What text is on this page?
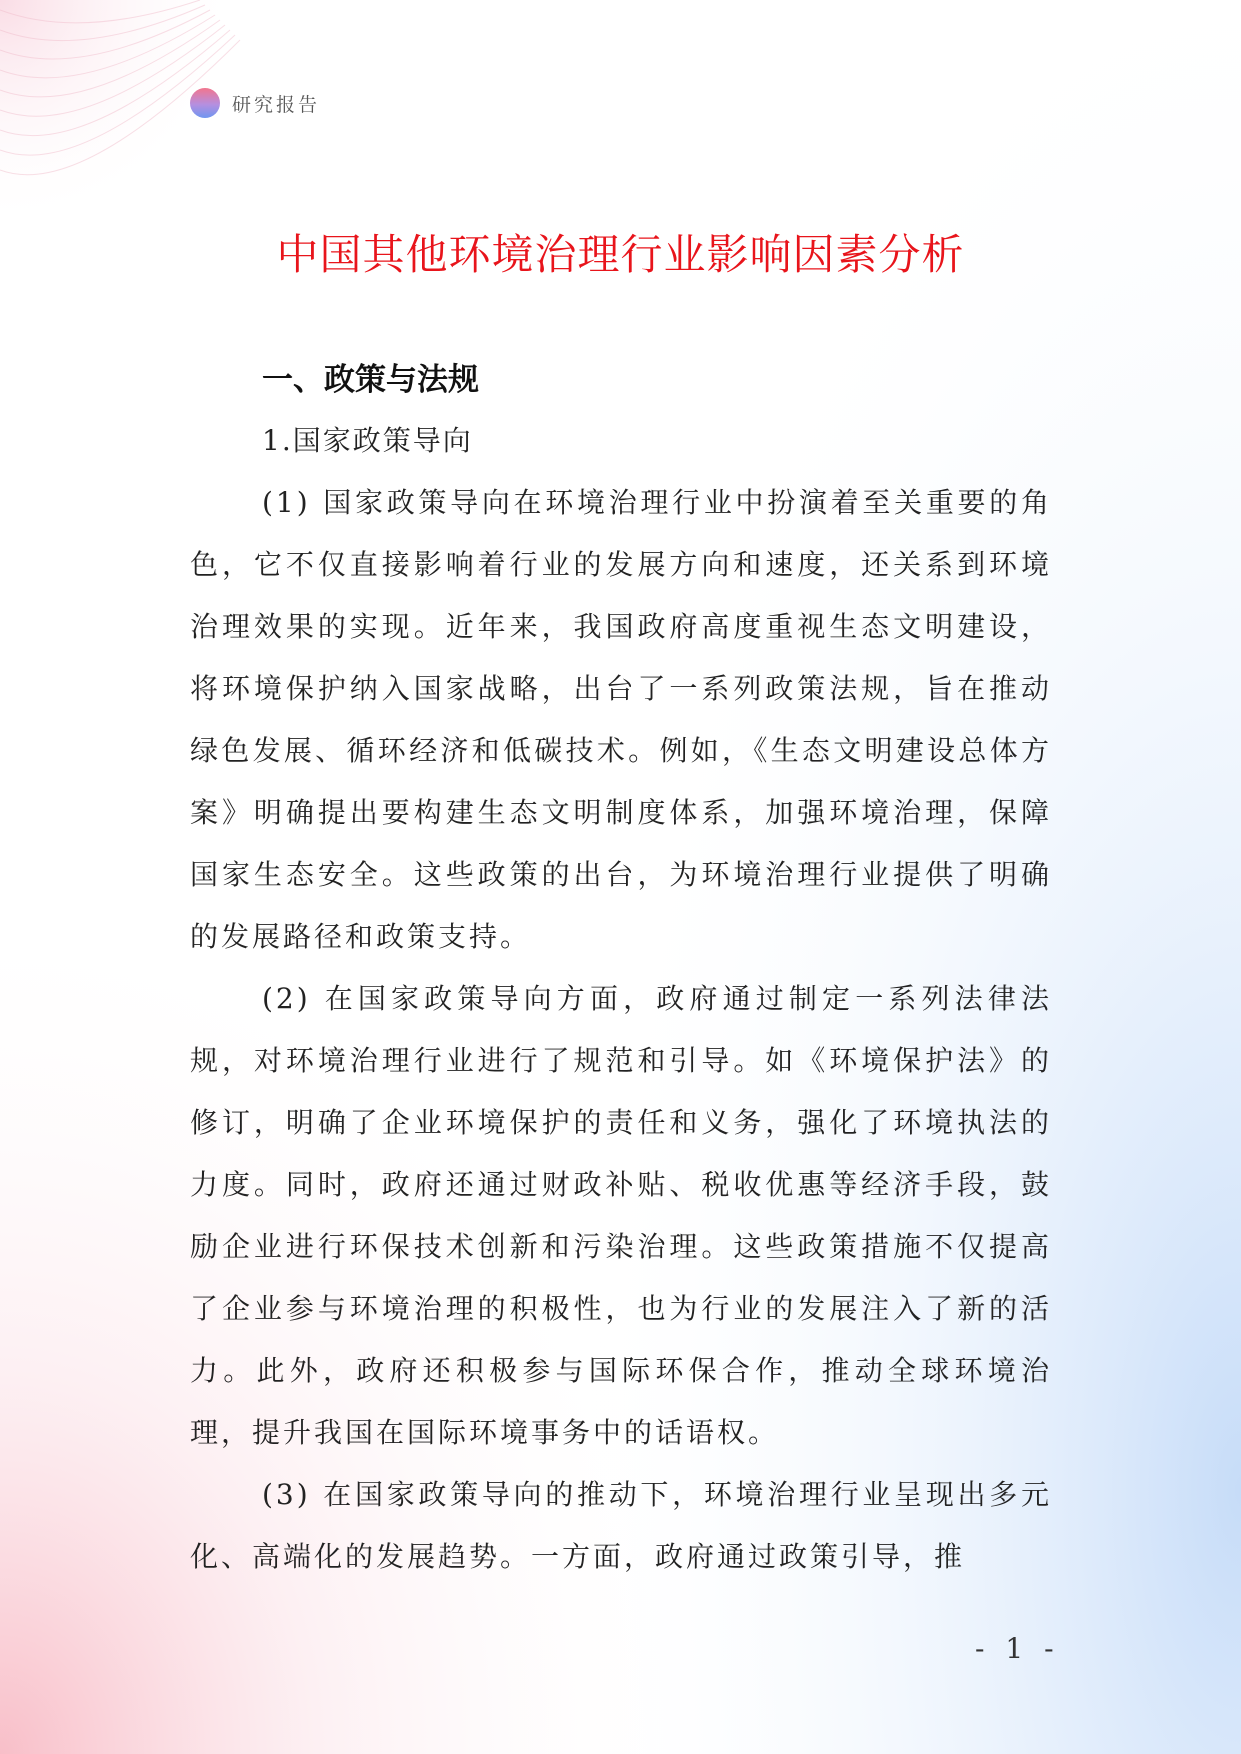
研究报告
中国其他环境治理行业影响因素分析

一、政策与法规

1.国家政策导向

(1) 国家政策导向在环境治理行业中扮演着至关重要的角色，它不仅直接影响着行业的发展方向和速度，还关系到环境治理效果的实现。近年来，我国政府高度重视生态文明建设，将环境保护纳入国家战略，出台了一系列政策法规，旨在推动绿色发展、循环经济和低碳技术。例如，《生态文明建设总体方案》明确提出要构建生态文明制度体系，加强环境治理，保障国家生态安全。这些政策的出台，为环境治理行业提供了明确的发展路径和政策支持。

(2) 在国家政策导向方面，政府通过制定一系列法律法规，对环境治理行业进行了规范和引导。如《环境保护法》的修订，明确了企业环境保护的责任和义务，强化了环境执法的力度。同时，政府还通过财政补贴、税收优惠等经济手段，鼓励企业进行环保技术创新和污染治理。这些政策措施不仅提高了企业参与环境治理的积极性，也为行业的发展注入了新的活力。此外，政府还积极参与国际环保合作，推动全球环境治理，提升我国在国际环境事务中的话语权。

(3) 在国家政策导向的推动下，环境治理行业呈现出多元化、高端化的发展趋势。一方面，政府通过政策引导，推

- 1 -
